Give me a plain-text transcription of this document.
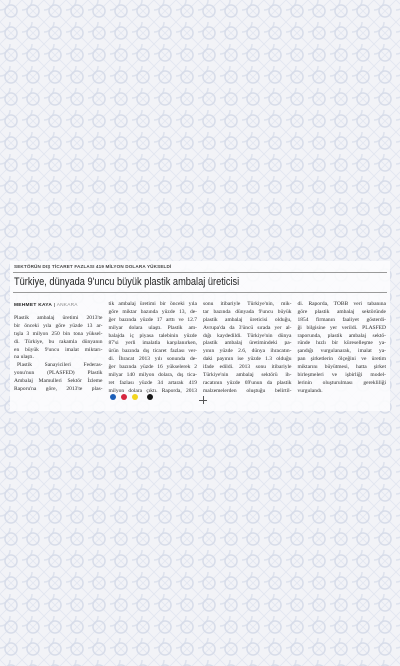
SEKTÖRÜN DIŞ TİCARET FAZLASI 419 MİLYON DOLARA YÜKSELDİ
Türkiye, dünyada 9'uncu büyük plastik ambalaj üreticisi
MEHMET KAYA ANKARA
Plastik ambalaj üretimi 2013'te
bir önceki yıla göre yüzde 13 ar-
tışla 3 milyon 250 bin tona yüksel-
di. Türkiye, bu rakamla dünyanın
en büyük 9'uncu imalat miktarı-
na ulaştı.
Plastik Sanayicileri Federas-
yonu'nun (PLASFED) Plastik
Ambalaj Mamulleri Sektör İzleme
Raporu'na göre, 2013'te plas-
tik ambalaj üretimi bir önceki yıla
göre miktar bazında yüzde 13, de-
ğer bazında yüzde 17 arttı ve 12.7
milyar dolara ulaştı. Plastik am-
balajda iç piyasa talebinin yüzde
87'si yerli imalatla karşılanırken,
ürün bazında dış ticaret fazlası ver-
di. İhracat 2013 yılı sonunda de-
ğer bazında yüzde 16 yükselerek 2
milyar 140 milyon dolara, dış tica-
ret fazlası yüzde 34 artarak 419
milyon dolara çıktı. Raporda, 2013
sonu itibariyle Türkiye'nin, mik-
tar bazında dünyada 9'uncu büyük
plastik ambalaj üreticisi olduğu,
Avrupa'da da 3'üncü sırada yer al-
dığı kaydedildi. Türkiye'nin dünya
plastik ambalaj üretimindeki pa-
yının yüzde 2.6, dünya ihracatın-
daki payının ise yüzde 1.3 olduğu
ifade edildi. 2013 sonu itibariyle
Türkiye'nin ambalaj sektörü ih-
racatının yüzde 69'unun da plastik
malzemelerden oluştuğu belirtil-
di. Raporda, TOBB veri tabanına
göre plastik ambalaj sektöründe
1854 firmanın faaliyet gösterdi-
ği bilgisine yer verildi. PLASFED
raporunda, plastik ambalaj sektö-
ründe hızlı bir küreselleşme ya-
şandığı vurgulanarak, imalat ya-
pan şirketlerin ölçeğini ve üretim
miktarını büyütmesi, hatta şirket
birleşmeleri ve işbirliği model-
lerinin oluşturulması gerekliliği
vurgulandı.
